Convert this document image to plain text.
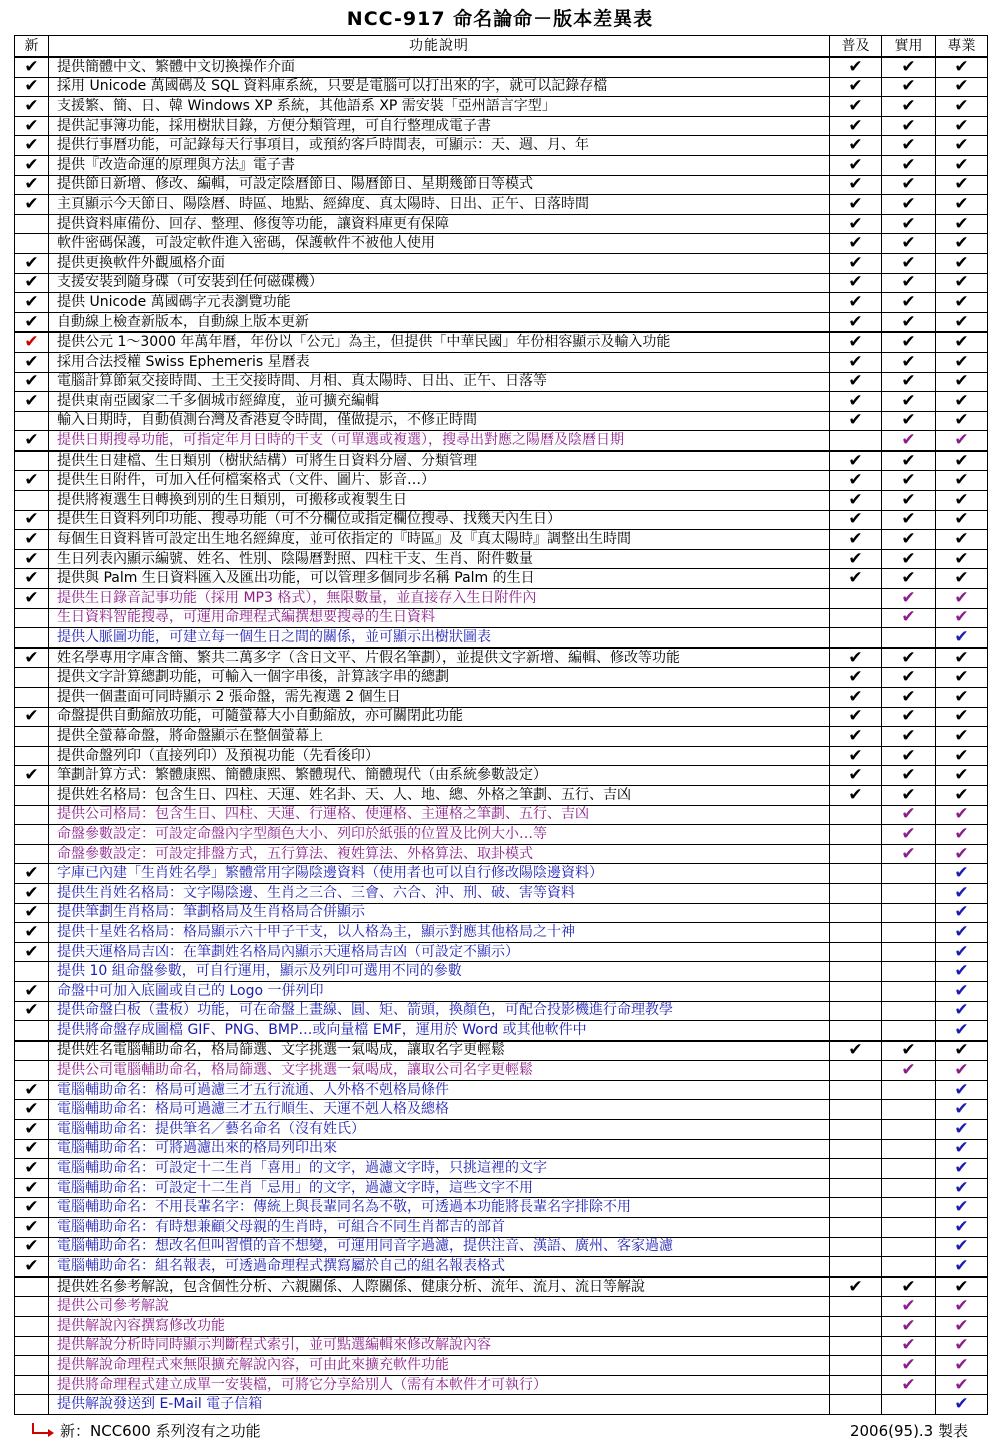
NCC-917 命名論命－版本差異表
新	功能說明	普及	實用	專業
✔	提供簡體中文、繁體中文切換操作介面	✔	✔	✔
✔	採用 Unicode 萬國碼及 SQL 資料庫系統，只要是電腦可以打出來的字，就可以記錄存檔	✔	✔	✔
✔	支援繁、簡、日、韓 Windows XP 系統，其他語系 XP 需安裝「亞州語言字型」	✔	✔	✔
✔	提供記事簿功能，採用樹狀目錄，方便分類管理，可自行整理成電子書	✔	✔	✔
✔	提供行事曆功能，可記錄每天行事項目，或預約客戶時間表，可顯示：天、週、月、年	✔	✔	✔
✔	提供『改造命運的原理與方法』電子書	✔	✔	✔
✔	提供節日新增、修改、編輯，可設定陰曆節日、陽曆節日、星期幾節日等模式	✔	✔	✔
✔	主頁顯示今天節日、陽陰曆、時區、地點、經緯度、真太陽時、日出、正午、日落時間	✔	✔	✔
	提供資料庫備份、回存、整理、修復等功能，讓資料庫更有保障	✔	✔	✔
	軟件密碼保護，可設定軟件進入密碼，保護軟件不被他人使用	✔	✔	✔
✔	提供更換軟件外觀風格介面	✔	✔	✔
✔	支援安裝到隨身碟（可安裝到任何磁碟機）	✔	✔	✔
✔	提供 Unicode 萬國碼字元表瀏覽功能	✔	✔	✔
✔	自動線上檢查新版本，自動線上版本更新	✔	✔	✔
✔	提供公元 1～3000 年萬年曆，年份以「公元」為主，但提供「中華民國」年份相容顯示及輸入功能	✔	✔	✔
✔	採用合法授權 Swiss Ephemeris 星曆表	✔	✔	✔
✔	電腦計算節氣交接時間、土王交接時間、月相、真太陽時、日出、正午、日落等	✔	✔	✔
✔	提供東南亞國家二千多個城市經緯度，並可擴充編輯	✔	✔	✔
	輸入日期時，自動偵測台灣及香港夏令時間，僅做提示，不修正時間	✔	✔	✔
✔	提供日期搜尋功能，可指定年月日時的干支（可單選或複選），搜尋出對應之陽曆及陰曆日期		✔	✔
	提供生日建檔、生日類別（樹狀結構）可將生日資料分層、分類管理	✔	✔	✔
✔	提供生日附件，可加入任何檔案格式（文件、圖片、影音…）	✔	✔	✔
	提供將複選生日轉換到別的生日類別，可搬移或複製生日	✔	✔	✔
✔	提供生日資料列印功能、搜尋功能（可不分欄位或指定欄位搜尋、找幾天內生日）	✔	✔	✔
✔	每個生日資料皆可設定出生地名經緯度，並可依指定的『時區』及『真太陽時』調整出生時間	✔	✔	✔
✔	生日列表內顯示編號、姓名、性別、陰陽曆對照、四柱干支、生肖、附件數量	✔	✔	✔
✔	提供與 Palm 生日資料匯入及匯出功能，可以管理多個同步名稱 Palm 的生日	✔	✔	✔
✔	提供生日錄音記事功能（採用 MP3 格式），無限數量，並直接存入生日附件內		✔	✔
	生日資料智能搜尋，可運用命理程式編撰想要搜尋的生日資料		✔	✔
	提供人脈圖功能，可建立每一個生日之間的關係，並可顯示出樹狀圖表			✔
✔	姓名學專用字庫含簡、繁共二萬多字（含日文平、片假名筆劃），並提供文字新增、編輯、修改等功能	✔	✔	✔
	提供文字計算總劃功能，可輸入一個字串後，計算該字串的總劃	✔	✔	✔
	提供一個畫面可同時顯示 2 張命盤，需先複選 2 個生日	✔	✔	✔
✔	命盤提供自動縮放功能，可隨螢幕大小自動縮放，亦可關閉此功能	✔	✔	✔
	提供全螢幕命盤，將命盤顯示在整個螢幕上	✔	✔	✔
	提供命盤列印（直接列印）及預視功能（先看後印）	✔	✔	✔
✔	筆劃計算方式：繁體康熙、簡體康熙、繁體現代、簡體現代（由系統參數設定）	✔	✔	✔
	提供姓名格局：包含生日、四柱、天運、姓名卦、天、人、地、總、外格之筆劃、五行、吉凶	✔	✔	✔
	提供公司格局：包含生日、四柱、天運、行運格、使運格、主運格之筆劃、五行、吉凶		✔	✔
	命盤參數設定：可設定命盤內字型顏色大小、列印於紙張的位置及比例大小…等		✔	✔
	命盤參數設定：可設定排盤方式，五行算法、複姓算法、外格算法、取卦模式		✔	✔
✔	字庫已內建「生肖姓名學」繁體常用字陽陰邊資料（使用者也可以自行修改陽陰邊資料）			✔
✔	提供生肖姓名格局：文字陽陰邊、生肖之三合、三會、六合、沖、刑、破、害等資料			✔
✔	提供筆劃生肖格局：筆劃格局及生肖格局合併顯示			✔
✔	提供十星姓名格局：格局顯示六十甲子干支，以人格為主，顯示對應其他格局之十神			✔
✔	提供天運格局吉凶：在筆劃姓名格局內顯示天運格局吉凶（可設定不顯示）			✔
	提供 10 組命盤參數，可自行運用，顯示及列印可選用不同的參數			✔
✔	命盤中可加入底圖或自己的 Logo 一併列印			✔
✔	提供命盤白板（畫板）功能，可在命盤上畫線、圓、矩、箭頭，換顏色，可配合投影機進行命理教學			✔
	提供將命盤存成圖檔 GIF、PNG、BMP…或向量檔 EMF，運用於 Word 或其他軟件中			✔
	提供姓名電腦輔助命名，格局篩選、文字挑選一氣喝成，讓取名字更輕鬆	✔	✔	✔
	提供公司電腦輔助命名，格局篩選、文字挑選一氣喝成，讓取公司名字更輕鬆		✔	✔
✔	電腦輔助命名：格局可過濾三才五行流通、人外格不剋格局條件			✔
✔	電腦輔助命名：格局可過濾三才五行順生、天運不剋人格及總格			✔
✔	電腦輔助命名：提供筆名／藝名命名（沒有姓氏）			✔
✔	電腦輔助命名：可將過濾出來的格局列印出來			✔
✔	電腦輔助命名：可設定十二生肖「喜用」的文字，過濾文字時，只挑這裡的文字			✔
✔	電腦輔助命名：可設定十二生肖「忌用」的文字，過濾文字時，這些文字不用			✔
✔	電腦輔助命名：不用長輩名字：傳統上與長輩同名為不敬，可透過本功能將長輩名字排除不用			✔
✔	電腦輔助命名：有時想兼顧父母親的生肖時，可組合不同生肖都吉的部首			✔
✔	電腦輔助命名：想改名但叫習慣的音不想變，可運用同音字過濾，提供注音、漢語、廣州、客家過濾			✔
✔	電腦輔助命名：組名報表，可透過命理程式撰寫屬於自己的組名報表格式			✔
	提供姓名參考解說，包含個性分析、六親關係、人際關係、健康分析、流年、流月、流日等解說	✔	✔	✔
	提供公司參考解說		✔	✔
	提供解說內容撰寫修改功能		✔	✔
	提供解說分析時同時顯示判斷程式索引，並可點選編輯來修改解說內容		✔	✔
	提供解說命理程式來無限擴充解說內容，可由此來擴充軟件功能		✔	✔
	提供將命理程式建立成單一安裝檔，可將它分享給別人（需有本軟件才可執行）		✔	✔
	提供解說發送到 E-Mail 電子信箱			✔
新：NCC600 系列沒有之功能	2006(95).3 製表
